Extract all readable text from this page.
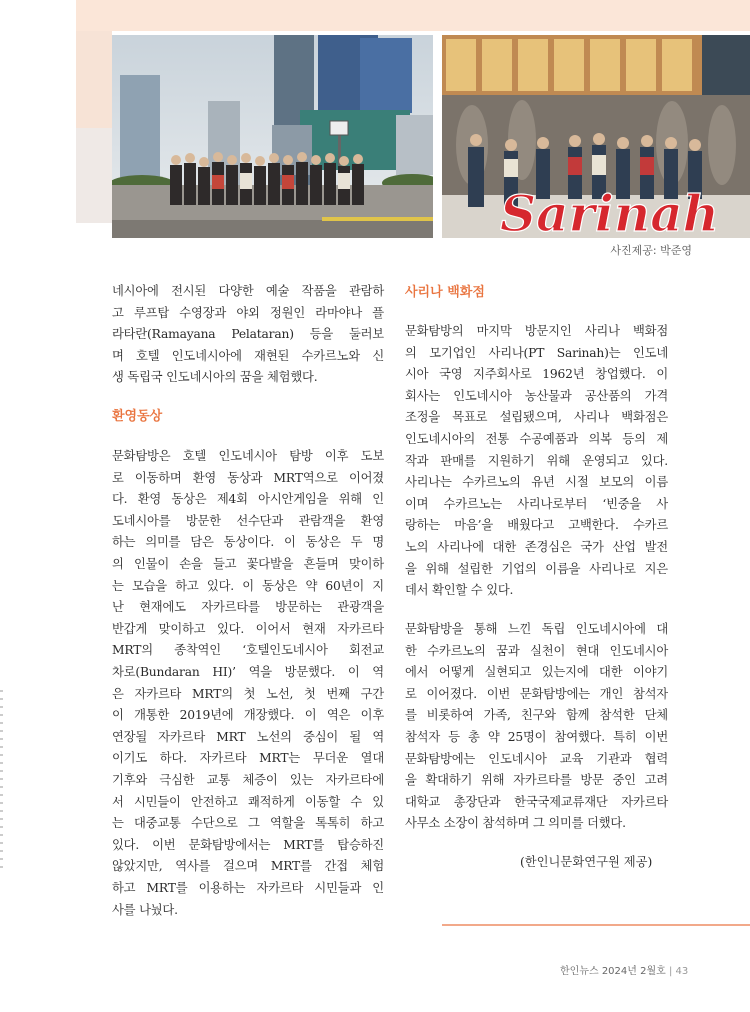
Sarinah
사진제공: 박준영
네시아에 전시된 다양한 예술 작품을 관람하
고 루프탑 수영장과 야외 정원인 라마야나 플
라타란(Ramayana Pelataran) 등을 둘러보
며 호텔 인도네시아에 재현된 수카르노와 신
생 독립국 인도네시아의 꿈을 체험했다.
환영동상
문화탐방은 호텔 인도네시아 탐방 이후 도보
로 이동하며 환영 동상과 MRT역으로 이어졌
다. 환영 동상은 제4회 아시안게임을 위해 인
도네시아를 방문한 선수단과 관람객을 환영
하는 의미를 담은 동상이다. 이 동상은 두 명
의 인물이 손을 들고 꽃다발을 흔들며 맞이하
는 모습을 하고 있다. 이 동상은 약 60년이 지
난 현재에도 자카르타를 방문하는 관광객을
반갑게 맞이하고 있다. 이어서 현재 자카르타
MRT의 종착역인 ‘호텔인도네시아 회전교
차로(Bundaran HI)’ 역을 방문했다. 이 역
은 자카르타 MRT의 첫 노선, 첫 번째 구간
이 개통한 2019년에 개장했다. 이 역은 이후
연장될 자카르타 MRT 노선의 중심이 될 역
이기도 하다. 자카르타 MRT는 무더운 열대
기후와 극심한 교통 체증이 있는 자카르타에
서 시민들이 안전하고 쾌적하게 이동할 수 있
는 대중교통 수단으로 그 역할을 톡톡히 하고
있다. 이번 문화탐방에서는 MRT를 탑승하진
않았지만, 역사를 걸으며 MRT를 간접 체험
하고 MRT를 이용하는 자카르타 시민들과 인
사를 나눴다.
사리나 백화점
문화탐방의 마지막 방문지인 사리나 백화점
의 모기업인 사리나(PT Sarinah)는 인도네
시아 국영 지주회사로 1962년 창업했다. 이
회사는 인도네시아 농산물과 공산품의 가격
조정을 목표로 설립됐으며, 사리나 백화점은
인도네시아의 전통 수공예품과 의복 등의 제
작과 판매를 지원하기 위해 운영되고 있다.
사리나는 수카르노의 유년 시절 보모의 이름
이며 수카르노는 사리나로부터 ‘빈중을 사
랑하는 마음’을 배웠다고 고백한다. 수카르
노의 사리나에 대한 존경심은 국가 산업 발전
을 위해 설립한 기업의 이름을 사리나로 지은
데서 확인할 수 있다.
문화탐방을 통해 느낀 독립 인도네시아에 대
한 수카르노의 꿈과 실천이 현대 인도네시아
에서 어떻게 실현되고 있는지에 대한 이야기
로 이어졌다. 이번 문화탐방에는 개인 참석자
를 비롯하여 가족, 친구와 함께 참석한 단체
참석자 등 총 약 25명이 참여했다. 특히 이번
문화탐방에는 인도네시아 교육 기관과 협력
을 확대하기 위해 자카르타를 방문 중인 고려
대학교 총장단과 한국국제교류재단 자카르타
사무소 소장이 참석하며 그 의미를 더했다.
(한인니문화연구원 제공)
한인뉴스 2024년 2월호 | 43
